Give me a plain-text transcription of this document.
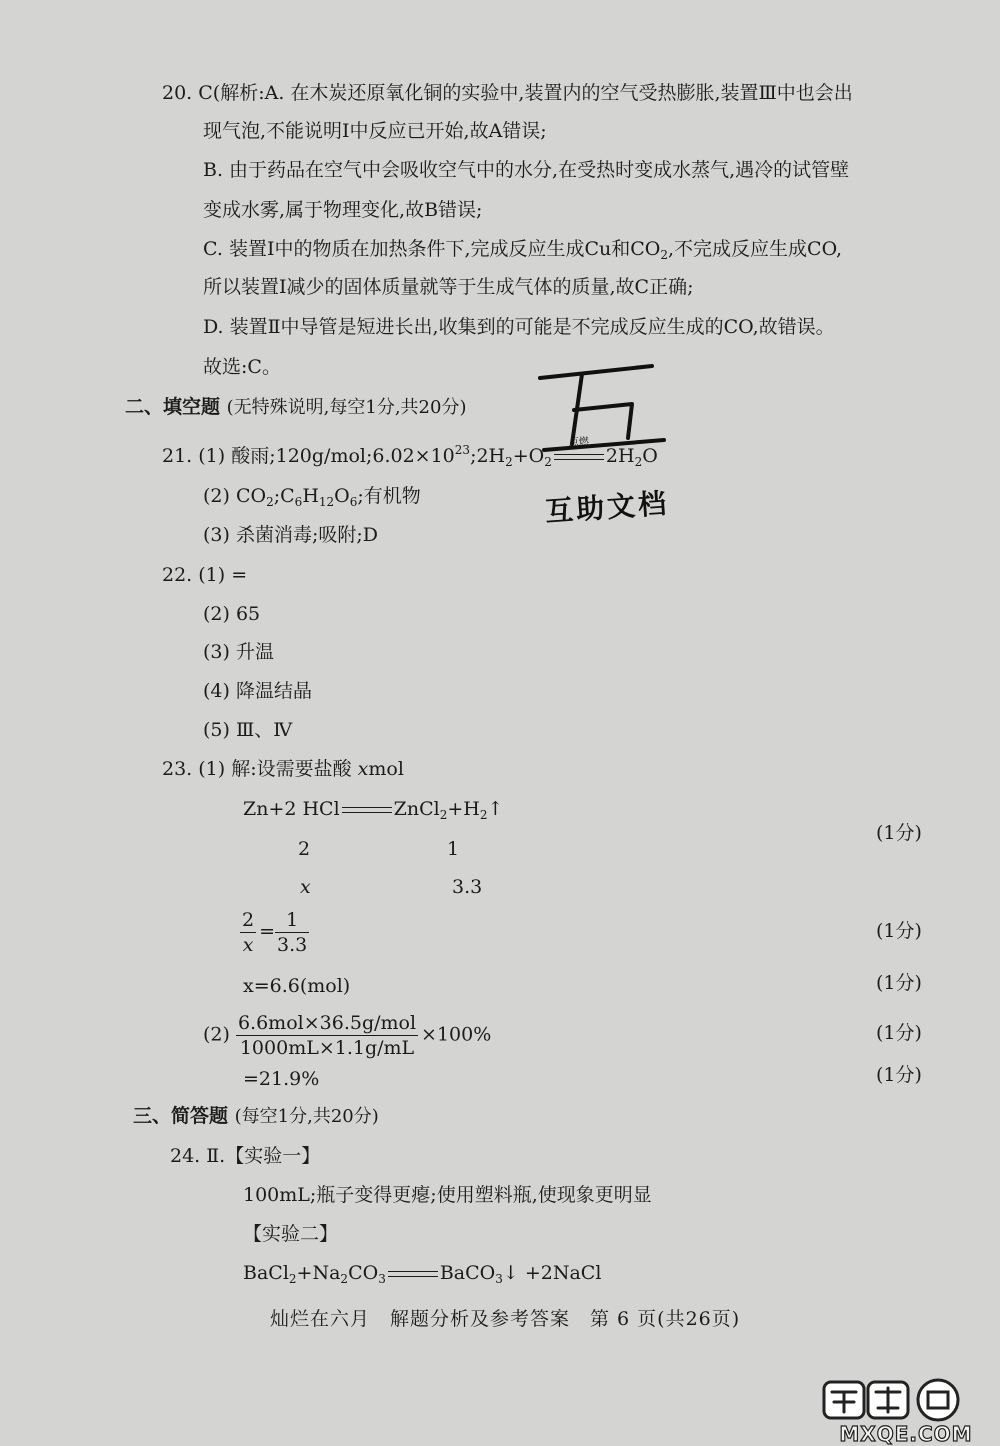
20. C(解析:A. 在木炭还原氧化铜的实验中,装置内的空气受热膨胀,装置Ⅲ中也会出
现气泡,不能说明Ⅰ中反应已开始,故A错误;
B. 由于药品在空气中会吸收空气中的水分,在受热时变成水蒸气,遇冷的试管壁
变成水雾,属于物理变化,故B错误;
C. 装置Ⅰ中的物质在加热条件下,完成反应生成Cu和$CO_2$,不完成反应生成CO,
所以装置Ⅰ减少的固体质量就等于生成气体的质量,故C正确;
D. 装置Ⅱ中导管是短进长出,收集到的可能是不完成反应生成的CO,故错误。
故选:C。
二、填空题 (无特殊说明,每空1分,共20分)
21. (1) 酸雨$;120g/mol;6.02\times 10^{23};2H_2+O_2$
点燃
$2H_2O$
(2) $CO_2;C_6H_{12}O_6$;有机物
(3) 杀菌消毒;吸附;D
22. (1) =
(2) 65
(3) 升温
(4) 降温结晶
(5) Ⅲ、Ⅳ
23. (1) 解:设需要盐酸 xmol
Zn+2 HCl	$ZnCl_2+H_2↑$
(1分)
2	1
x	3.3
$\frac{2}{x} = \frac{1}{3.3}$	(1分)
x=6.6(mol)	(1分)
$(2) \frac{\text{6.6mol×36.5g/mol}}{1000mL\times 1.1g/mL} \times 100\%$	(1分)
=21.9%	(1分)
三、简答题 (每空1分,共20分)
24. Ⅱ.【实验一】
100mL;瓶子变得更瘪;使用塑料瓶,使现象更明显
【实验二】
$BaCl_2+Na_2CO_3$	BaCO$_3$↓ +2NaCl
灿烂在六月　解题分析及参考答案　第 6 页(共26页)
互助文档
MXQE.COM
